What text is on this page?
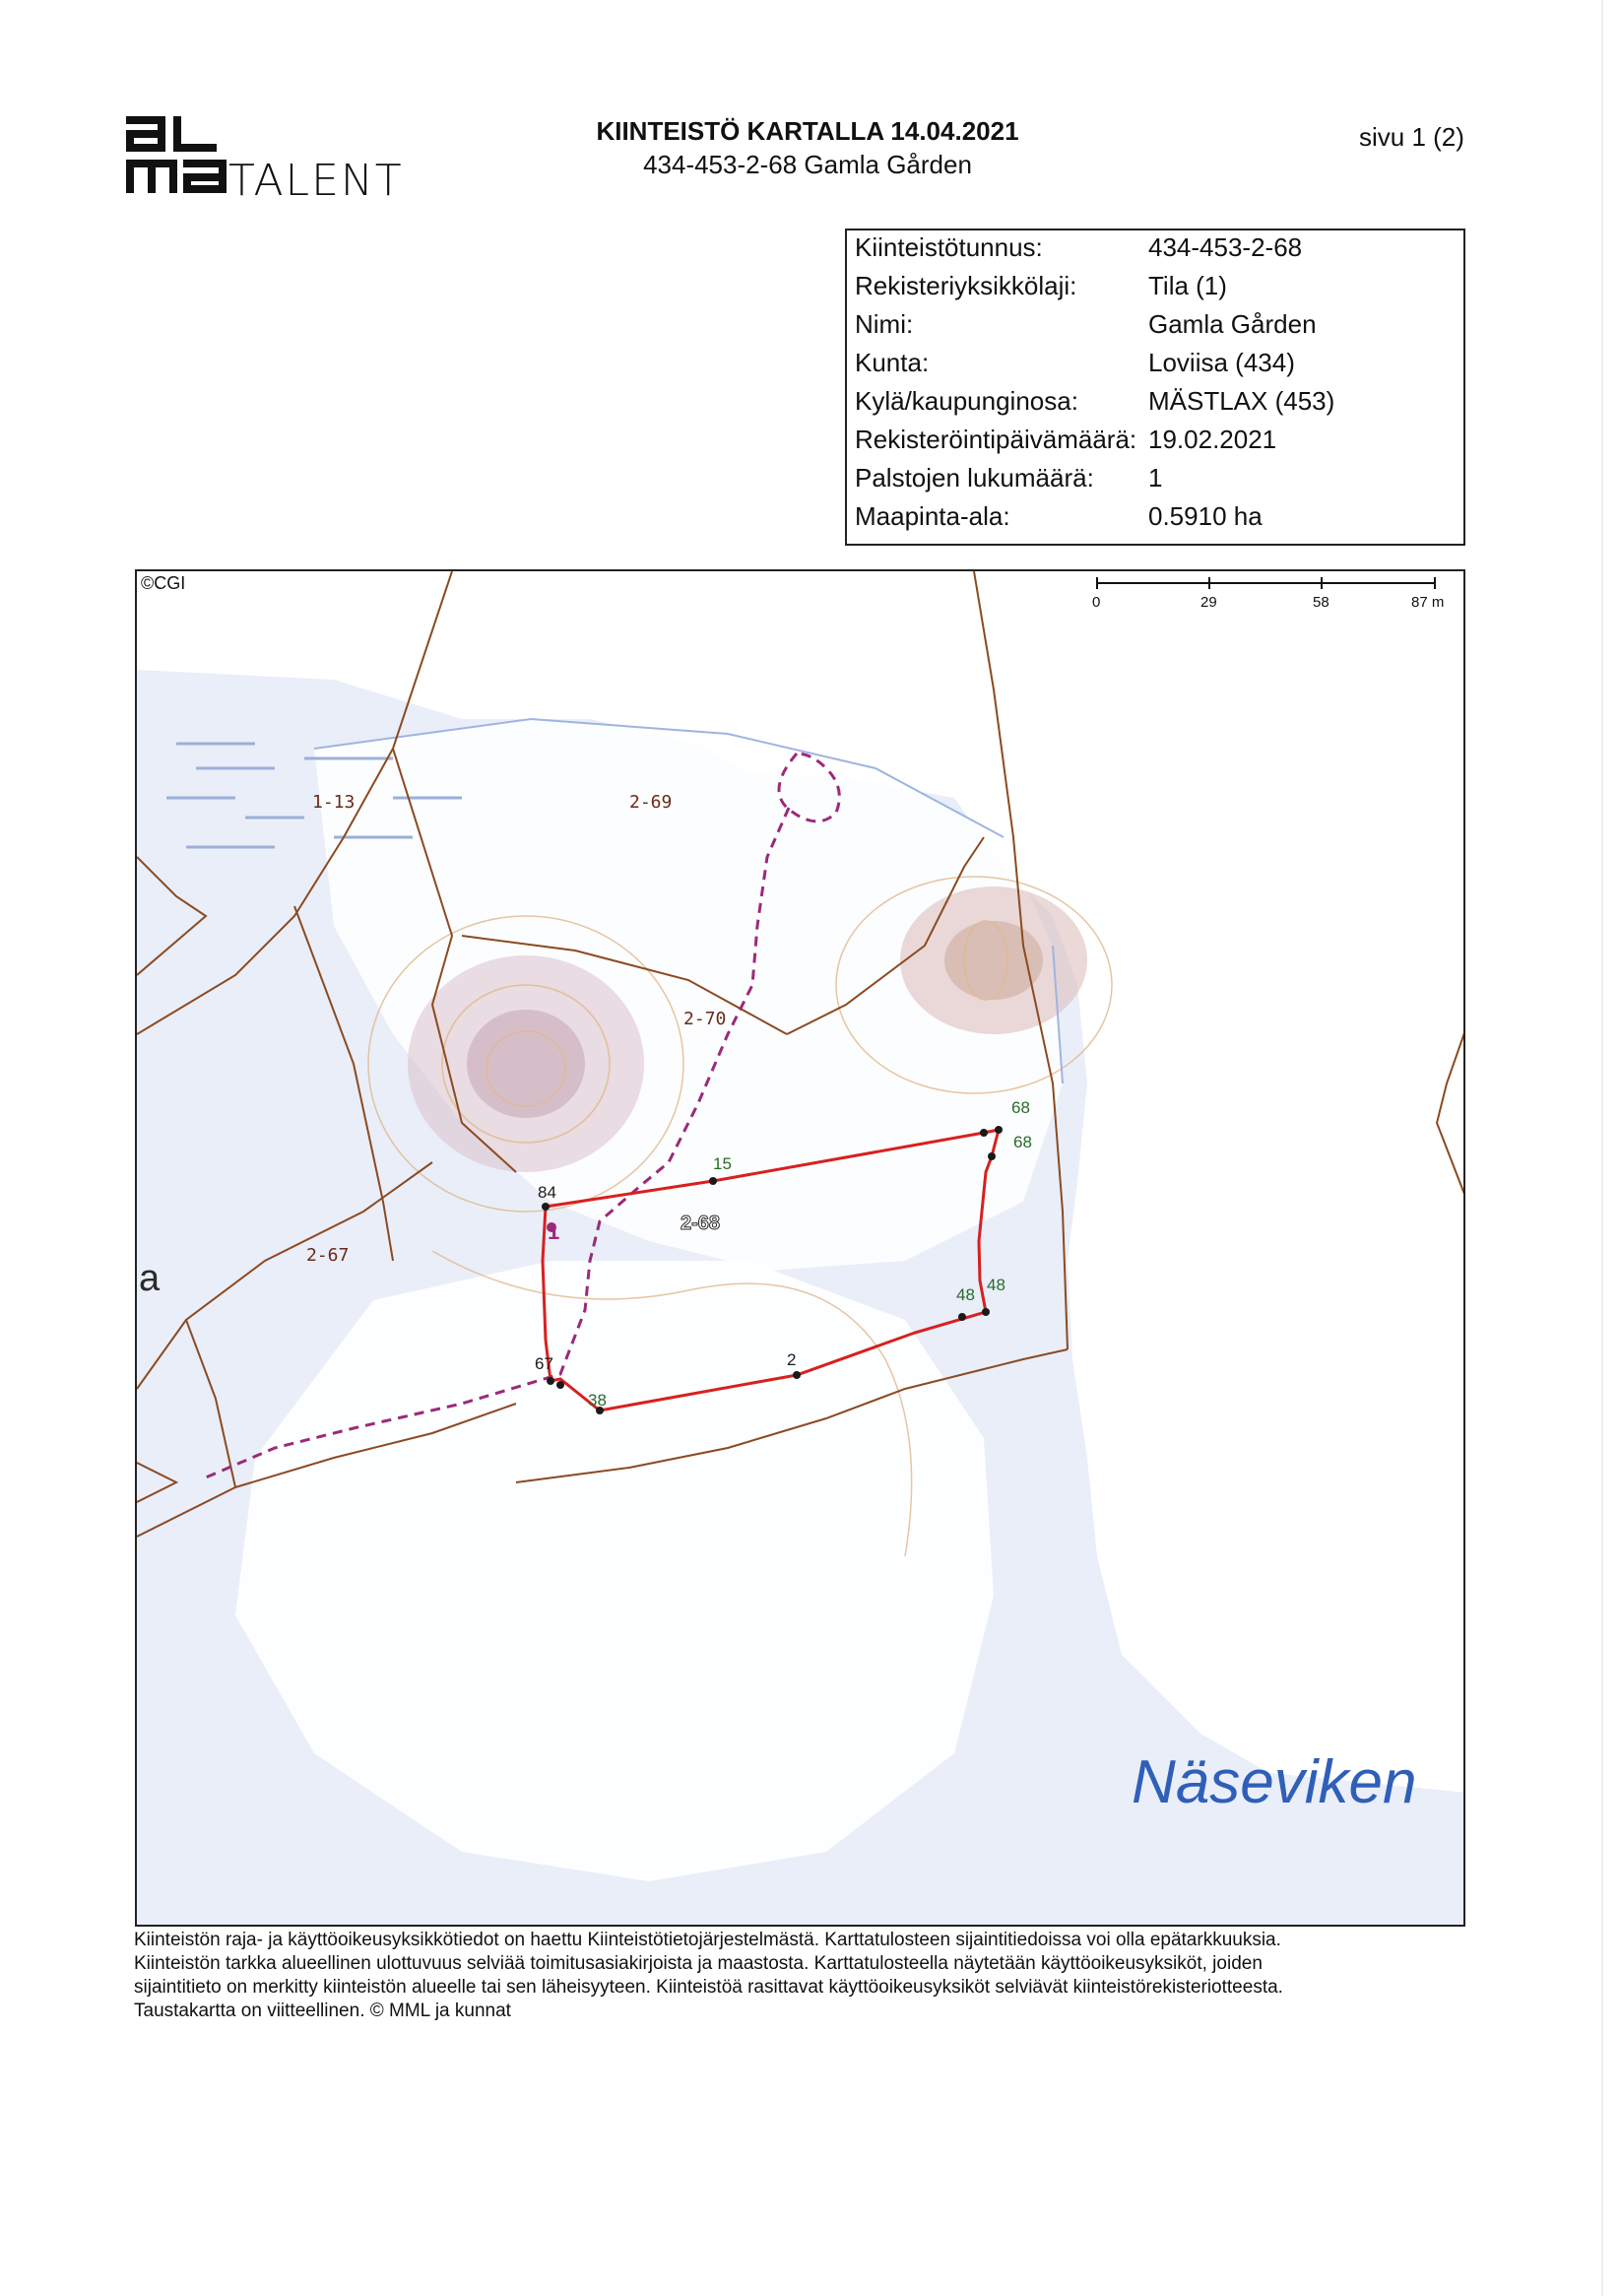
TALENT
KIINTEISTÖ KARTALLA 14.04.2021
434-453-2-68 Gamla Gården
sivu 1 (2)
Kiinteistötunnus:	434-453-2-68
Rekisteriyksikkölaji:	Tila (1)
Nimi:	Gamla Gården
Kunta:	Loviisa (434)
Kylä/kaupunginosa:	MÄSTLAX (453)
Rekisteröintipäivämäärä: 19.02.2021
Palstojen lukumäärä: 1
Maapinta-ala:	0.5910 ha
©CGI
0	29	58	87 m
1-13	2-69
2-70
2-67
2-68
68
68
15
84
1
48
48
67	2
38
a
Näseviken
Kiinteistön raja- ja käyttöoikeusyksikkötiedot on haettu Kiinteistötietojärjestelmästä. Karttatulosteen sijaintitiedoissa voi olla epätarkkuuksia.
Kiinteistön tarkka alueellinen ulottuvuus selviää toimitusasiakirjoista ja maastosta. Karttatulosteella näytetään käyttöoikeusyksiköt, joiden
sijaintitieto on merkitty kiinteistön alueelle tai sen läheisyyteen. Kiinteistöä rasittavat käyttöoikeusyksiköt selviävät kiinteistörekisteriotteesta.
Taustakartta on viitteellinen. © MML ja kunnat
